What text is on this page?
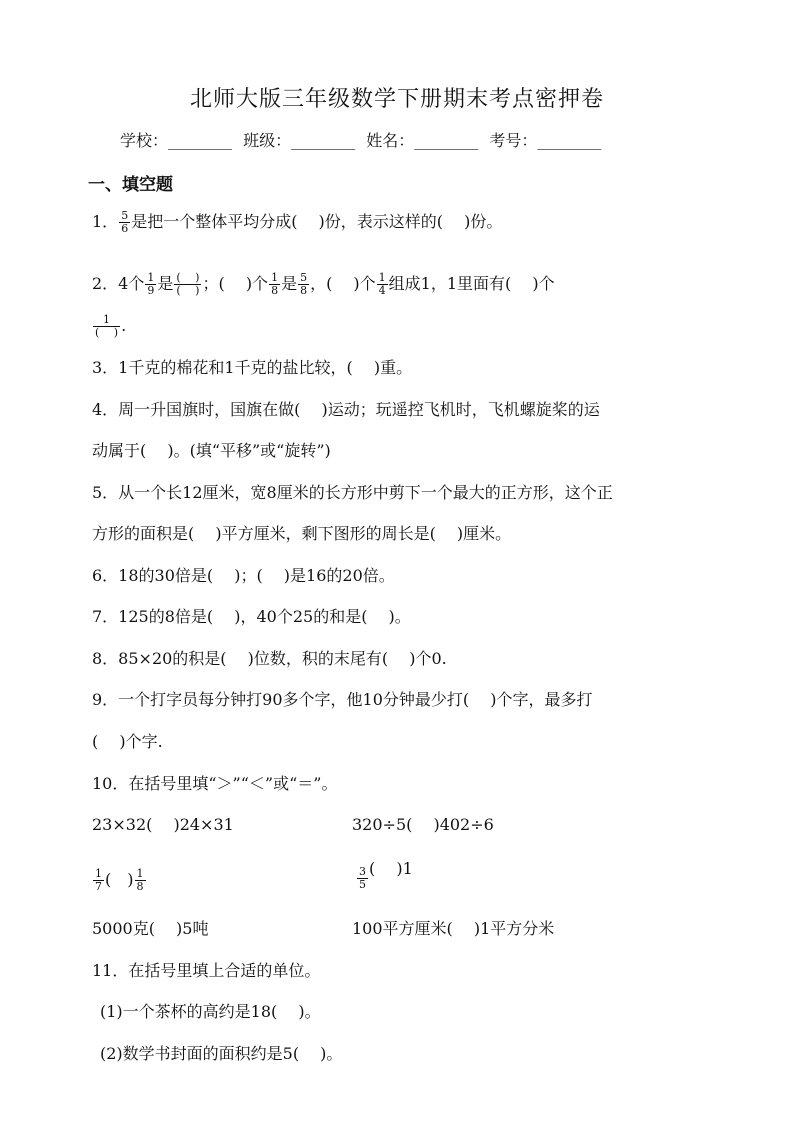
北师大版三年级数学下册期末考点密押卷
学校：________ 班级：________ 姓名：________ 考号：________
一、填空题
1． $\frac{5}{6}$ 是把一个整体平均分成(　 )份，表示这样的(　 )份。
2．4个 $\frac{1}{9}$ 是 $\frac{( )}{( )}$ ；(　 )个 $\frac{1}{8}$ 是 $\frac{5}{8}$ ，(　 )个 $\frac{1}{4}$ 组成1，1里面有(　 )个
$\frac{1}{( )}$ .
3．1千克的棉花和1千克的盐比较，(　 )重。
4．周一升国旗时，国旗在做(　 )运动；玩遥控飞机时，飞机螺旋桨的运
动属于(　 )。(填“平移”或“旋转”)
5．从一个长12厘米，宽8厘米的长方形中剪下一个最大的正方形，这个正
方形的面积是(　 )平方厘米，剩下图形的周长是(　 )厘米。
6．18的30倍是(　 )；(　 )是16的20倍。
7．125的8倍是(　 )，40个25的和是(　 )。
8．85×20的积是(　 )位数，积的末尾有(　 )个0.
9．一个打字员每分钟打90多个字，他10分钟最少打(　 )个字，最多打
(　 )个字.
10．在括号里填“＞”“＜”或“＝”。
23×32(　 )24×31	320÷5(　 )402÷6
$\frac{1}{7}$ (　) $\frac{1}{8}$	$\frac{3}{5}$ (　 )1
5000克(　 )5吨	100平方厘米(　 )1平方分米
11．在括号里填上合适的单位。
(1)一个茶杯的高约是18(　 )。
(2)数学书封面的面积约是5(　 )。
